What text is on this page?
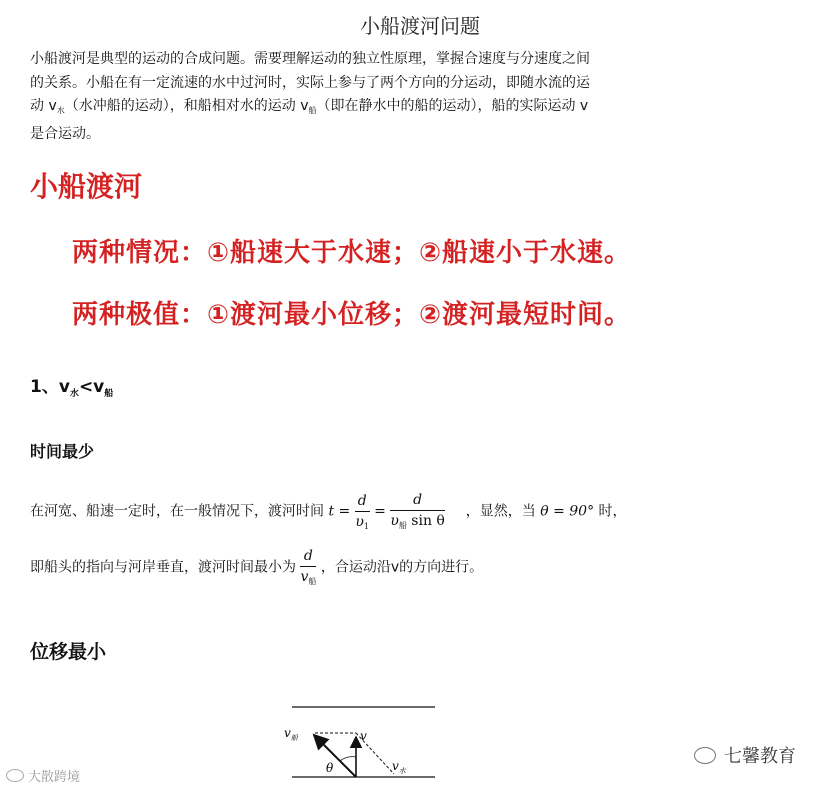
小船渡河问题
小船渡河是典型的运动的合成问题。需要理解运动的独立性原理，掌握合速度与分速度之间
的关系。小船在有一定流速的水中过河时，实际上参与了两个方向的分运动，即随水流的运
动 $v_水$（水冲船的运动），和船相对水的运动 $v_船$（即在静水中的船的运动），船的实际运动 v
是合运动。
小船渡河
两种情况：①船速大于水速；②船速小于水速。
两种极值：①渡河最小位移；②渡河最短时间。
1、$v_水<v_船$
时间最少
在河宽、船速一定时，在一般情况下，渡河时间 $t = \frac{d}{\upsilon_1} = \frac{d}{\upsilon_船 \sin \theta}$ ，显然，当 θ = 90° 时，
即船头的指向与河岸垂直，渡河时间最小为 $\frac{d}{v_船}$ ，合运动沿v的方向进行。
位移最小
$v_船$	v
θ	$v_水$
大散跨境
七馨教育
